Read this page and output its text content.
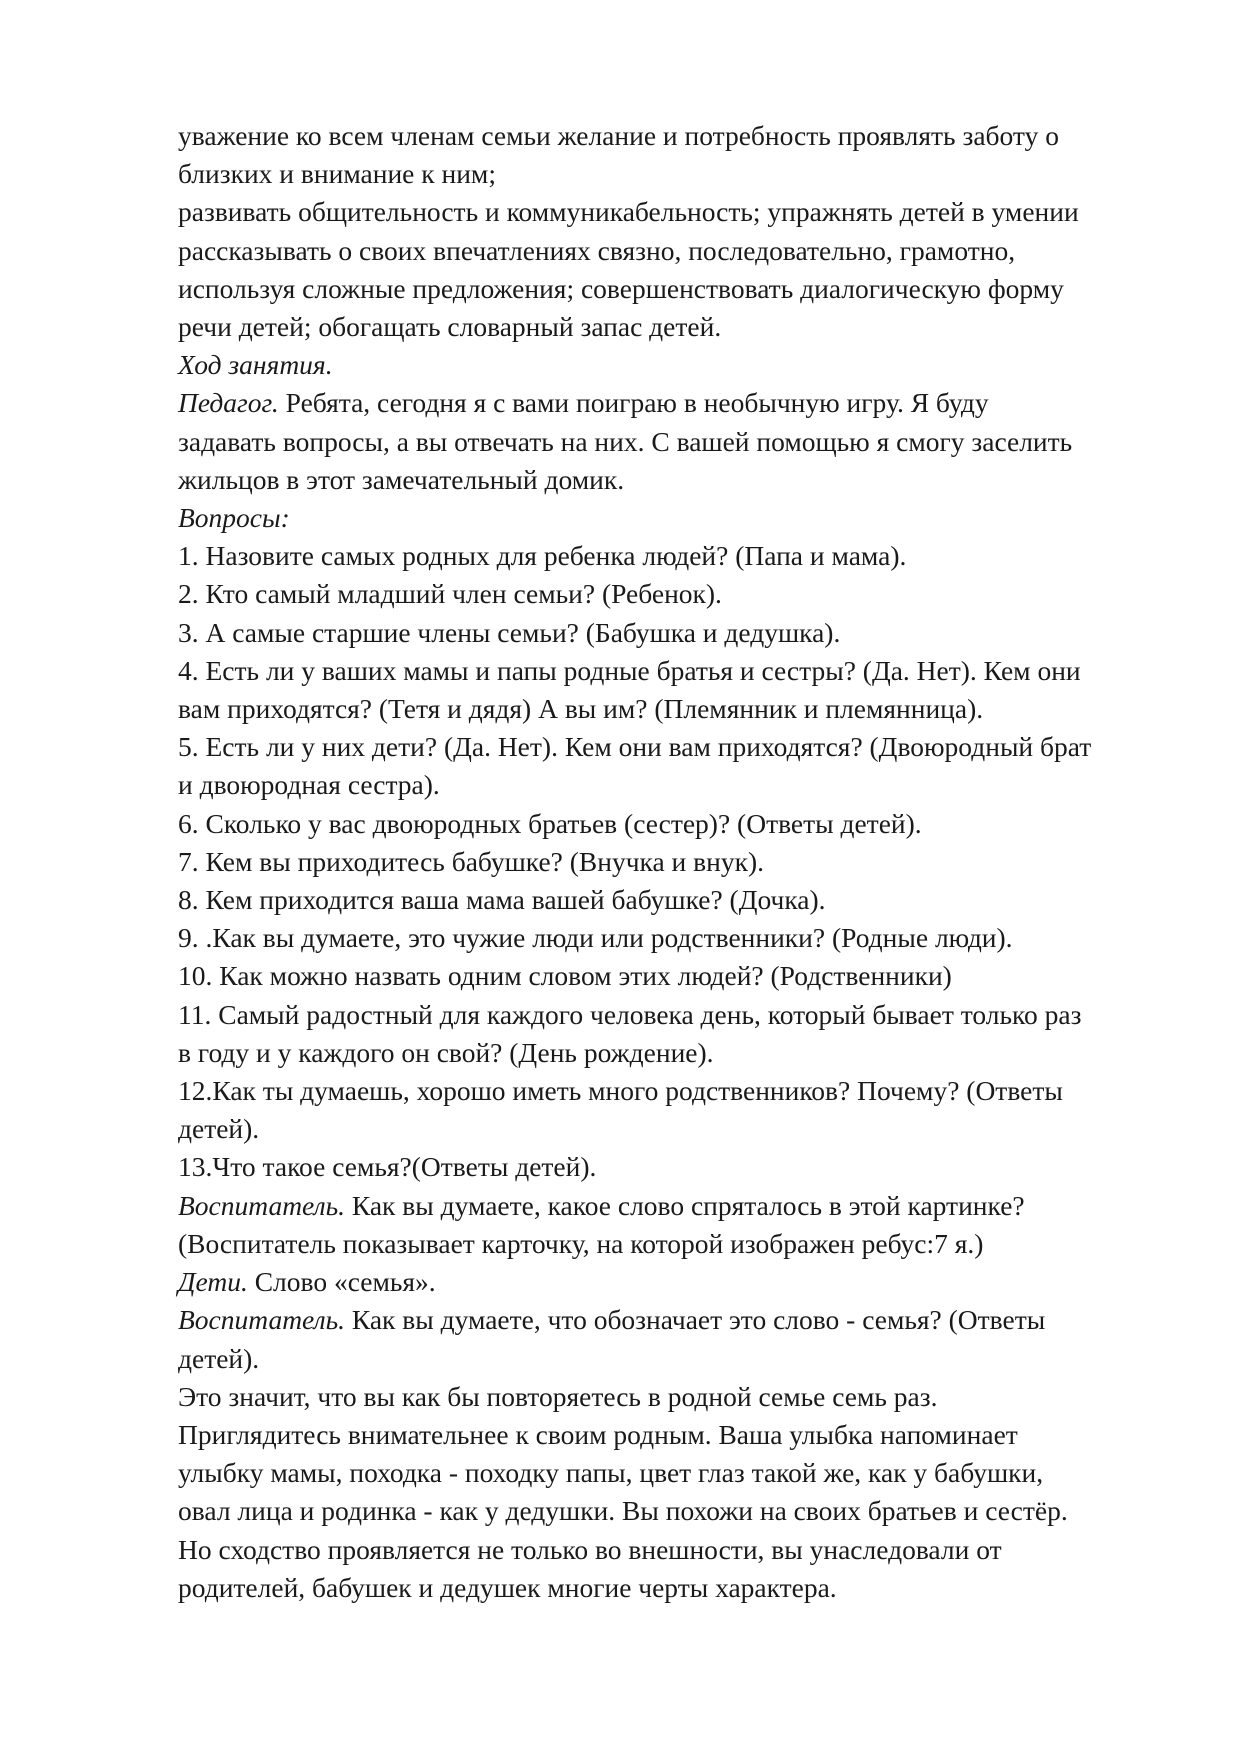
уважение ко всем членам семьи желание и потребность проявлять заботу о

близких и внимание к ним;

развивать общительность и коммуникабельность; упражнять детей в умении

рассказывать о своих впечатлениях связно, последовательно, грамотно,

используя сложные предложения; совершенствовать диалогическую форму

речи детей; обогащать словарный запас детей.

Ход занятия.

Педагог. Ребята, сегодня я с вами поиграю в необычную игру. Я буду

задавать вопросы, а вы отвечать на них. С вашей помощью я смогу заселить

жильцов в этот замечательный домик.

Вопросы:

1. Назовите самых родных для ребенка людей? (Папа и мама).

2. Кто самый младший член семьи? (Ребенок).

3. А самые старшие члены семьи? (Бабушка и дедушка).

4. Есть ли у ваших мамы и папы родные братья и сестры? (Да. Нет). Кем они

вам приходятся? (Тетя и дядя) А вы им? (Племянник и племянница).

5. Есть ли у них дети? (Да. Нет). Кем они вам приходятся? (Двоюродный брат

и двоюродная сестра).

6. Сколько у вас двоюродных братьев (сестер)? (Ответы детей).

7. Кем вы приходитесь бабушке? (Внучка и внук).

8. Кем приходится ваша мама вашей бабушке? (Дочка).

9. .Как вы думаете, это чужие люди или родственники? (Родные люди).

10. Как можно назвать одним словом этих людей? (Родственники)

11. Самый радостный для каждого человека день, который бывает только раз

в году и у каждого он свой? (День рождение).

12.Как ты думаешь, хорошо иметь много родственников? Почему? (Ответы

детей).

13.Что такое семья?(Ответы детей).

Воспитатель. Как вы думаете, какое слово спряталось в этой картинке?

(Воспитатель показывает карточку, на которой изображен ребус:7 я.)

Дети. Слово «семья».

Воспитатель. Как вы думаете, что обозначает это слово - семья? (Ответы

детей).

Это значит, что вы как бы повторяетесь в родной семье семь раз.

Приглядитесь внимательнее к своим родным. Ваша улыбка напоминает

улыбку мамы, походка - походку папы, цвет глаз такой же, как у бабушки,

овал лица и родинка - как у дедушки. Вы похожи на своих братьев и сестёр.

Но сходство проявляется не только во внешности, вы унаследовали от

родителей, бабушек и дедушек многие черты характера.
